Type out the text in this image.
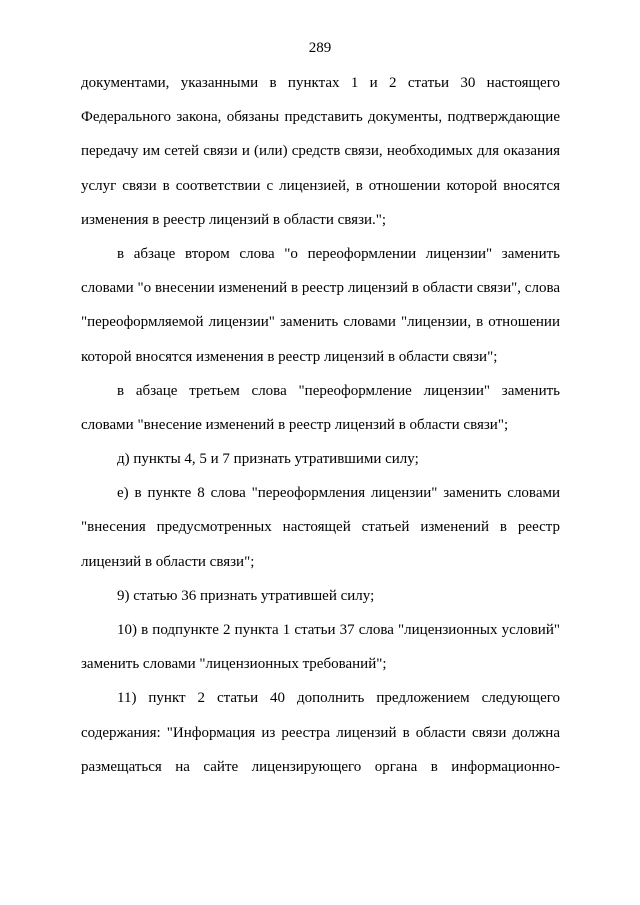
289
документами, указанными в пунктах 1 и 2 статьи 30 настоящего
Федерального закона, обязаны представить документы, подтверждающие
передачу им сетей связи и (или) средств связи, необходимых для оказания
услуг связи в соответствии с лицензией, в отношении которой вносятся
изменения в реестр лицензий в области связи.";
в абзаце втором слова "о переоформлении лицензии" заменить
словами "о внесении изменений в реестр лицензий в области связи", слова
"переоформляемой лицензии" заменить словами "лицензии, в отношении
которой вносятся изменения в реестр лицензий в области связи";
в абзаце третьем слова "переоформление лицензии" заменить
словами "внесение изменений в реестр лицензий в области связи";
д) пункты 4, 5 и 7 признать утратившими силу;
е) в пункте 8 слова "переоформления лицензии" заменить словами
"внесения предусмотренных настоящей статьей изменений в реестр
лицензий в области связи";
9) статью 36 признать утратившей силу;
10) в подпункте 2 пункта 1 статьи 37 слова "лицензионных условий"
заменить словами "лицензионных требований";
11) пункт 2 статьи 40 дополнить предложением следующего
содержания: "Информация из реестра лицензий в области связи должна
размещаться на сайте лицензирующего органа в информационно-
